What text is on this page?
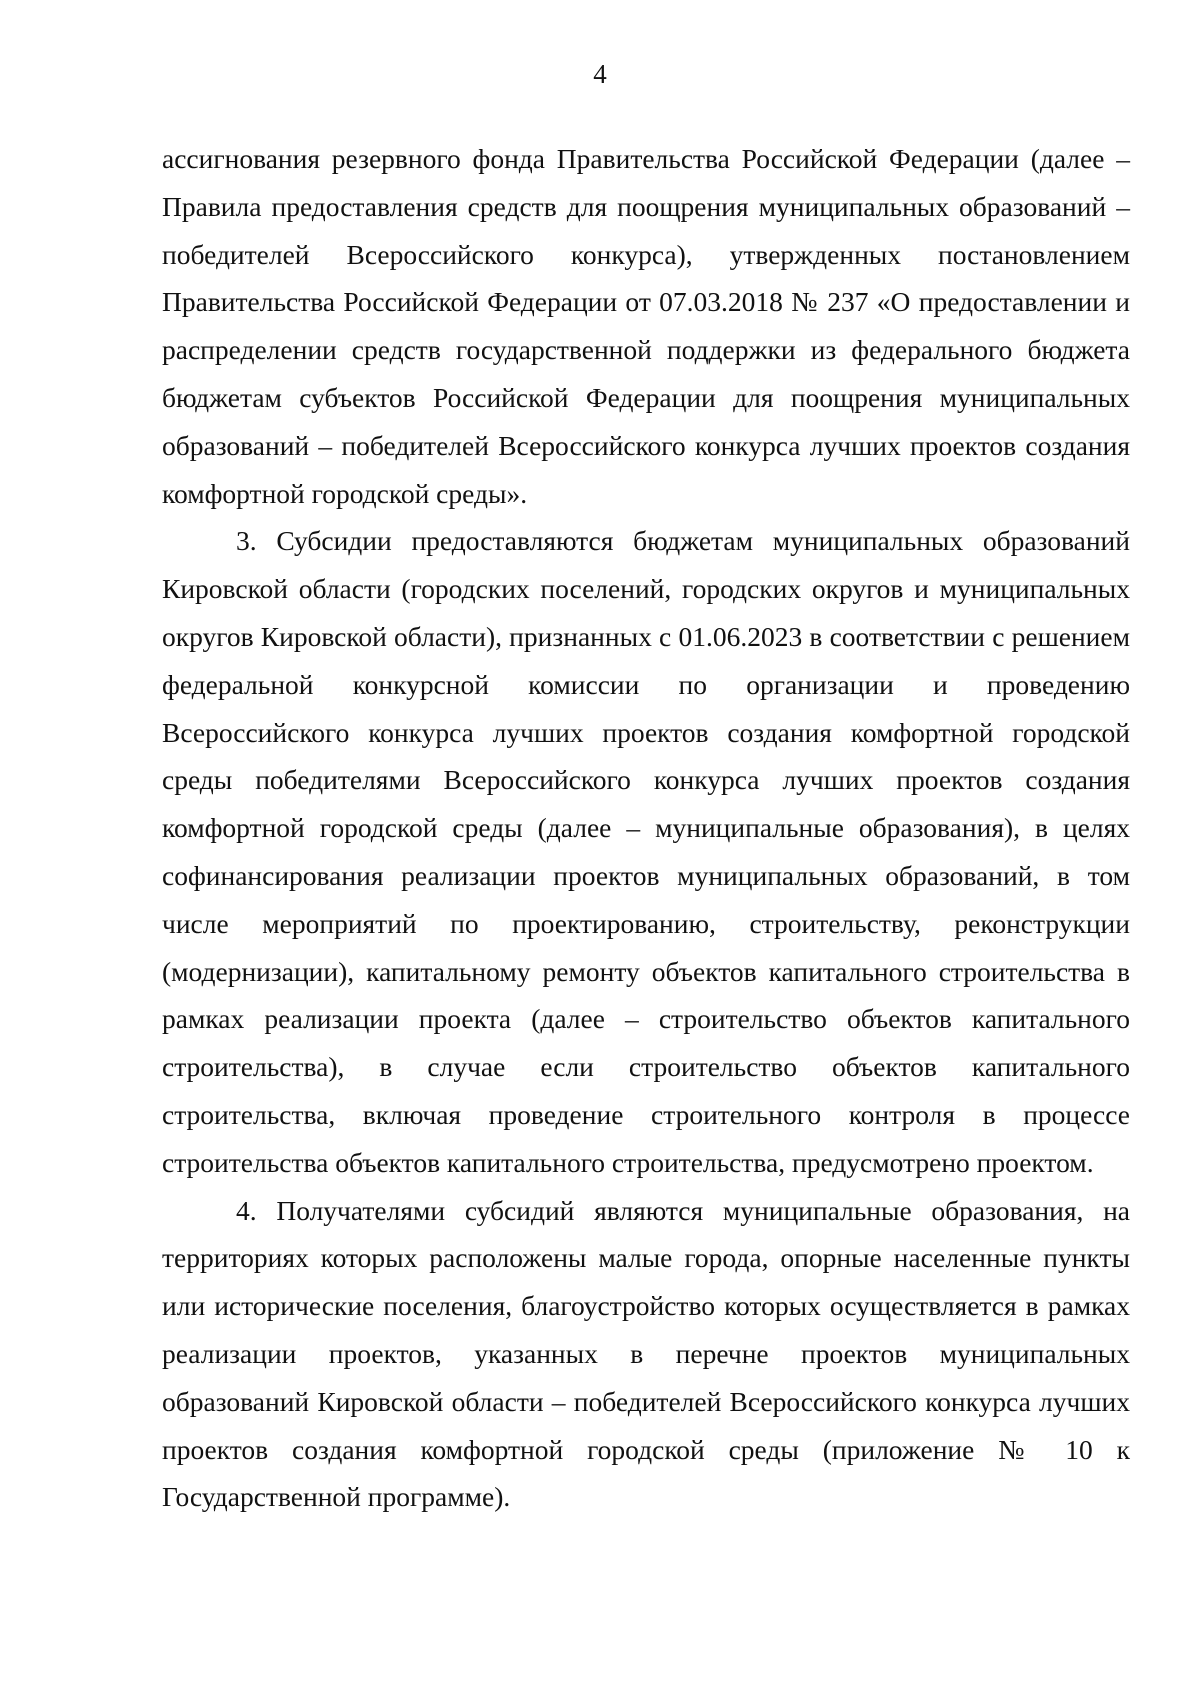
4

ассигнования резервного фонда Правительства Российской Федерации (далее – Правила предоставления средств для поощрения муниципальных образований – победителей Всероссийского конкурса), утвержденных постановлением Правительства Российской Федерации от 07.03.2018 № 237 «О предоставлении и распределении средств государственной поддержки из федерального бюджета бюджетам субъектов Российской Федерации для поощрения муниципальных образований – победителей Всероссийского конкурса лучших проектов создания комфортной городской среды».

3. Субсидии предоставляются бюджетам муниципальных образований Кировской области (городских поселений, городских округов и муниципальных округов Кировской области), признанных с 01.06.2023 в соответствии с решением федеральной конкурсной комиссии по организации и проведению Всероссийского конкурса лучших проектов создания комфортной городской среды победителями Всероссийского конкурса лучших проектов создания комфортной городской среды (далее – муниципальные образования), в целях софинансирования реализации проектов муниципальных образований, в том числе мероприятий по проектированию, строительству, реконструкции (модернизации), капитальному ремонту объектов капитального строительства в рамках реализации проекта (далее – строительство объектов капитального строительства), в случае если строительство объектов капитального строительства, включая проведение строительного контроля в процессе строительства объектов капитального строительства, предусмотрено проектом.

4. Получателями субсидий являются муниципальные образования, на территориях которых расположены малые города, опорные населенные пункты или исторические поселения, благоустройство которых осуществляется в рамках реализации проектов, указанных в перечне проектов муниципальных образований Кировской области – победителей Всероссийского конкурса лучших проектов создания комфортной городской среды (приложение № 10 к Государственной программе).
